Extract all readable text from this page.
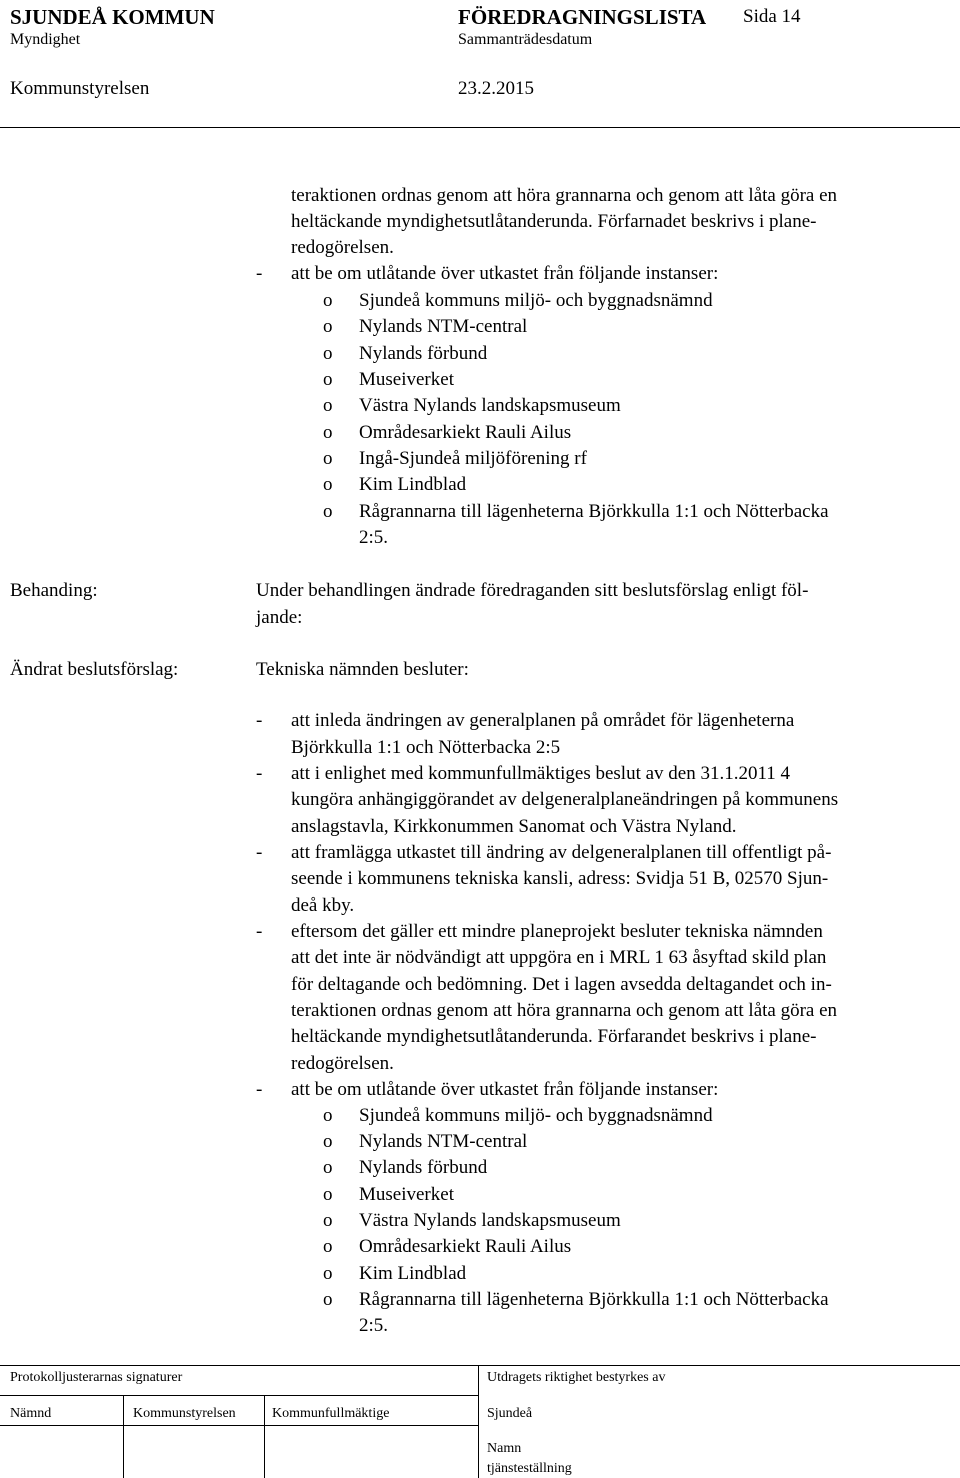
SJUNDEÅ KOMMUN	FÖREDRAGNINGSLISTA Sida 14
Myndighet	Sammanträdesdatum
Kommunstyrelsen	23.2.2015
teraktionen ordnas genom att höra grannarna och genom att låta göra en
heltäckande myndighetsutlåtanderunda. Förfarnadet beskrivs i plane-
redogörelsen.
- att be om utlåtande över utkastet från följande instanser:
o Sjundeå kommuns miljö- och byggnadsnämnd
o Nylands NTM-central
o Nylands förbund
o Museiverket
o Västra Nylands landskapsmuseum
o Områdesarkiekt Rauli Ailus
o Ingå-Sjundeå miljöförening rf
o Kim Lindblad
o Rågrannarna till lägenheterna Björkkulla 1:1 och Nötterbacka
2:5.
Behanding:	Under behandlingen ändrade föredraganden sitt beslutsförslag enligt föl-
jande:
Ändrat beslutsförslag:	Tekniska nämnden besluter:
- att inleda ändringen av generalplanen på området för lägenheterna
Björkkulla 1:1 och Nötterbacka 2:5
- att i enlighet med kommunfullmäktiges beslut av den 31.1.2011 4
kungöra anhängiggörandet av delgeneralplaneändringen på kommunens
anslagstavla, Kirkkonummen Sanomat och Västra Nyland.
- att framlägga utkastet till ändring av delgeneralplanen till offentligt på-
seende i kommunens tekniska kansli, adress: Svidja 51 B, 02570 Sjun-
deå kby.
- eftersom det gäller ett mindre planeprojekt besluter tekniska nämnden
att det inte är nödvändigt att uppgöra en i MRL 1 63 åsyftad skild plan
för deltagande och bedömning. Det i lagen avsedda deltagandet och in-
teraktionen ordnas genom att höra grannarna och genom att låta göra en
heltäckande myndighetsutlåtanderunda. Förfarandet beskrivs i plane-
redogörelsen.
- att be om utlåtande över utkastet från följande instanser:
o Sjundeå kommuns miljö- och byggnadsnämnd
o Nylands NTM-central
o Nylands förbund
o Museiverket
o Västra Nylands landskapsmuseum
o Områdesarkiekt Rauli Ailus
o Kim Lindblad
o Rågrannarna till lägenheterna Björkkulla 1:1 och Nötterbacka
2:5.
Protokolljusterarnas signaturer	Utdragets riktighet bestyrkes av
Nämnd	Kommunstyrelsen	Kommunfullmäktige	Sjundeå
Namn
tjänsteställning
